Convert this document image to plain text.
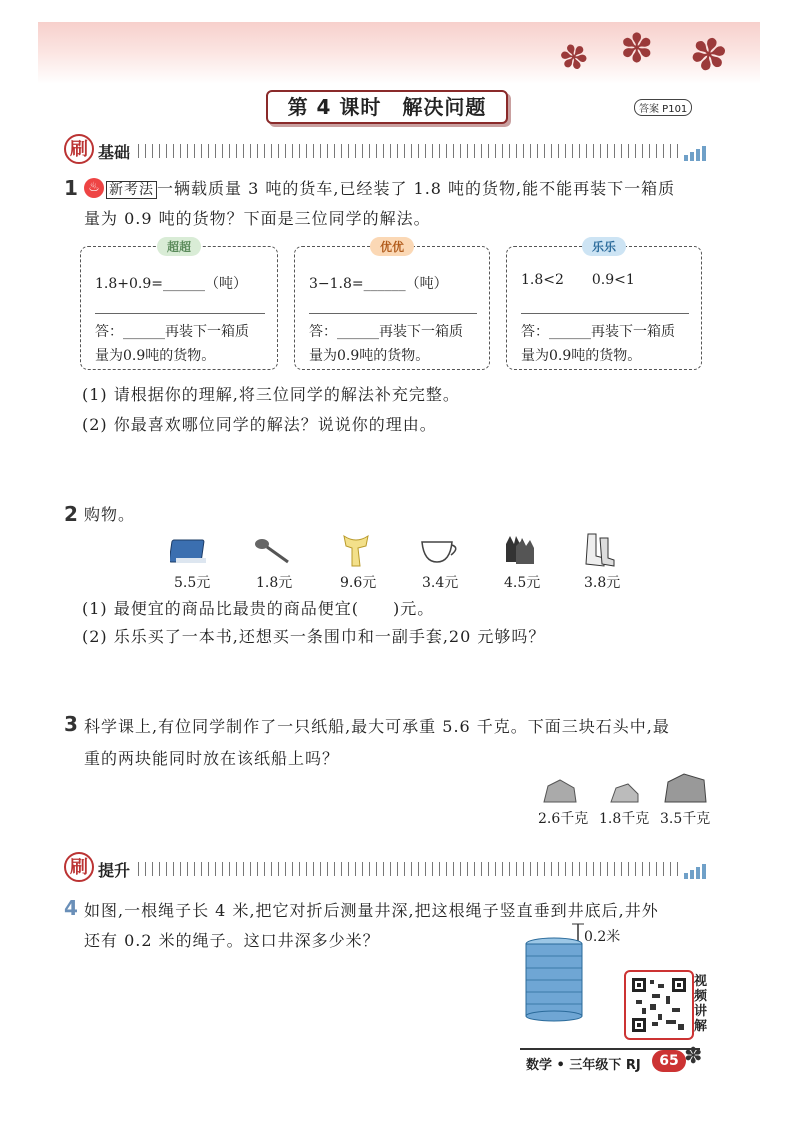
✽ ✽ ✽
第 4 课时　解决问题	答案 P101
刷 基础
1 ♨ 新考法 一辆载质量 3 吨的货车,已经装了 1.8 吨的货物,能不能再装下一箱质
量为 0.9 吨的货物？下面是三位同学的解法。
超超
1.8+0.9=______（吨）
答：______再装下一箱质
量为0.9吨的货物。
优优
3−1.8=______（吨）
答：______再装下一箱质
量为0.9吨的货物。
乐乐
1.8<2　　0.9<1
答：______再装下一箱质
量为0.9吨的货物。
(1) 请根据你的理解,将三位同学的解法补充完整。
(2) 你最喜欢哪位同学的解法？说说你的理由。
2 购物。
5.5元	1.8元	9.6元	3.4元	4.5元	3.8元
(1) 最便宜的商品比最贵的商品便宜(　　)元。
(2) 乐乐买了一本书,还想买一条围巾和一副手套,20 元够吗？
3 科学课上,有位同学制作了一只纸船,最大可承重 5.6 千克。下面三块石头中,最
重的两块能同时放在该纸船上吗？
2.6千克 1.8千克 3.5千克
刷 提升
4 如图,一根绳子长 4 米,把它对折后测量井深,把这根绳子竖直垂到井底后,井外
还有 0.2 米的绳子。这口井深多少米？	0.2米
视频讲解
数学 • 三年级下 RJ	65 ✽
